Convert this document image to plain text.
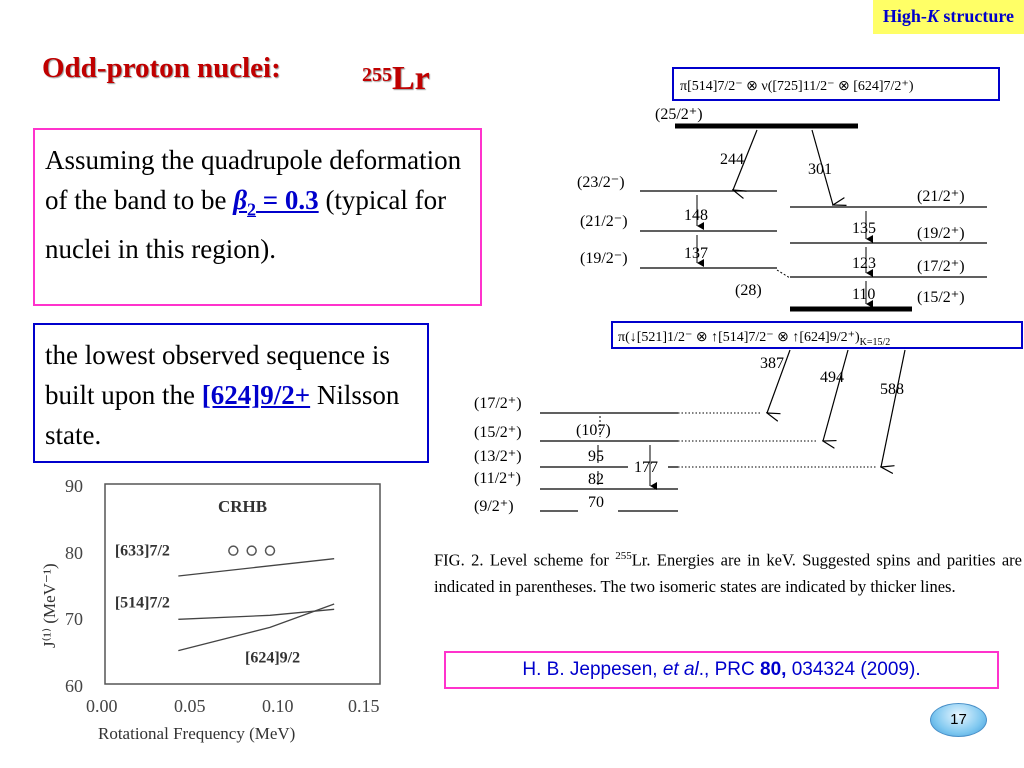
High-K structure
Odd-proton nuclei:	$^{255}$Lr
Assuming the quadrupole deformation of the band to be $\beta_2 = 0.3$ (typical for nuclei in this region).
the lowest observed sequence is built upon the [624]9/2+ Nilsson state.
π[514]7/2⁻ ⊗ ν([725]11/2⁻ ⊗ [624]7/2⁺)
(25/2⁺)
244
301
(23/2⁻)
(21/2⁻)
(19/2⁻)
148
137
(28)
(21/2⁺)
(19/2⁺)
(17/2⁺)
(15/2⁺)
135
123
110
π(↓[521]1/2⁻ ⊗ ↑[514]7/2⁻ ⊗ $↑[624]9/2^+)_{K=15/2}$
387
494
588
(17/2⁺)
(15/2⁺)
(13/2⁺)
(11/2⁺)
(9/2⁺)
(107)
95
82
70
177
FIG. 2. Level scheme for $^{255}$Lr. Energies are in keV. Suggested spins and parities are indicated in parentheses. The two isomeric states are indicated by thicker lines.
H. B. Jeppesen, et al., PRC 80, 034324 (2009).
CRHB
90
80
70
60
0.00	0.05	0.10	0.15
Rotational Frequency (MeV)
J⁽¹⁾ (MeV⁻¹)
[633]7/2
[514]7/2
[624]9/2
17
